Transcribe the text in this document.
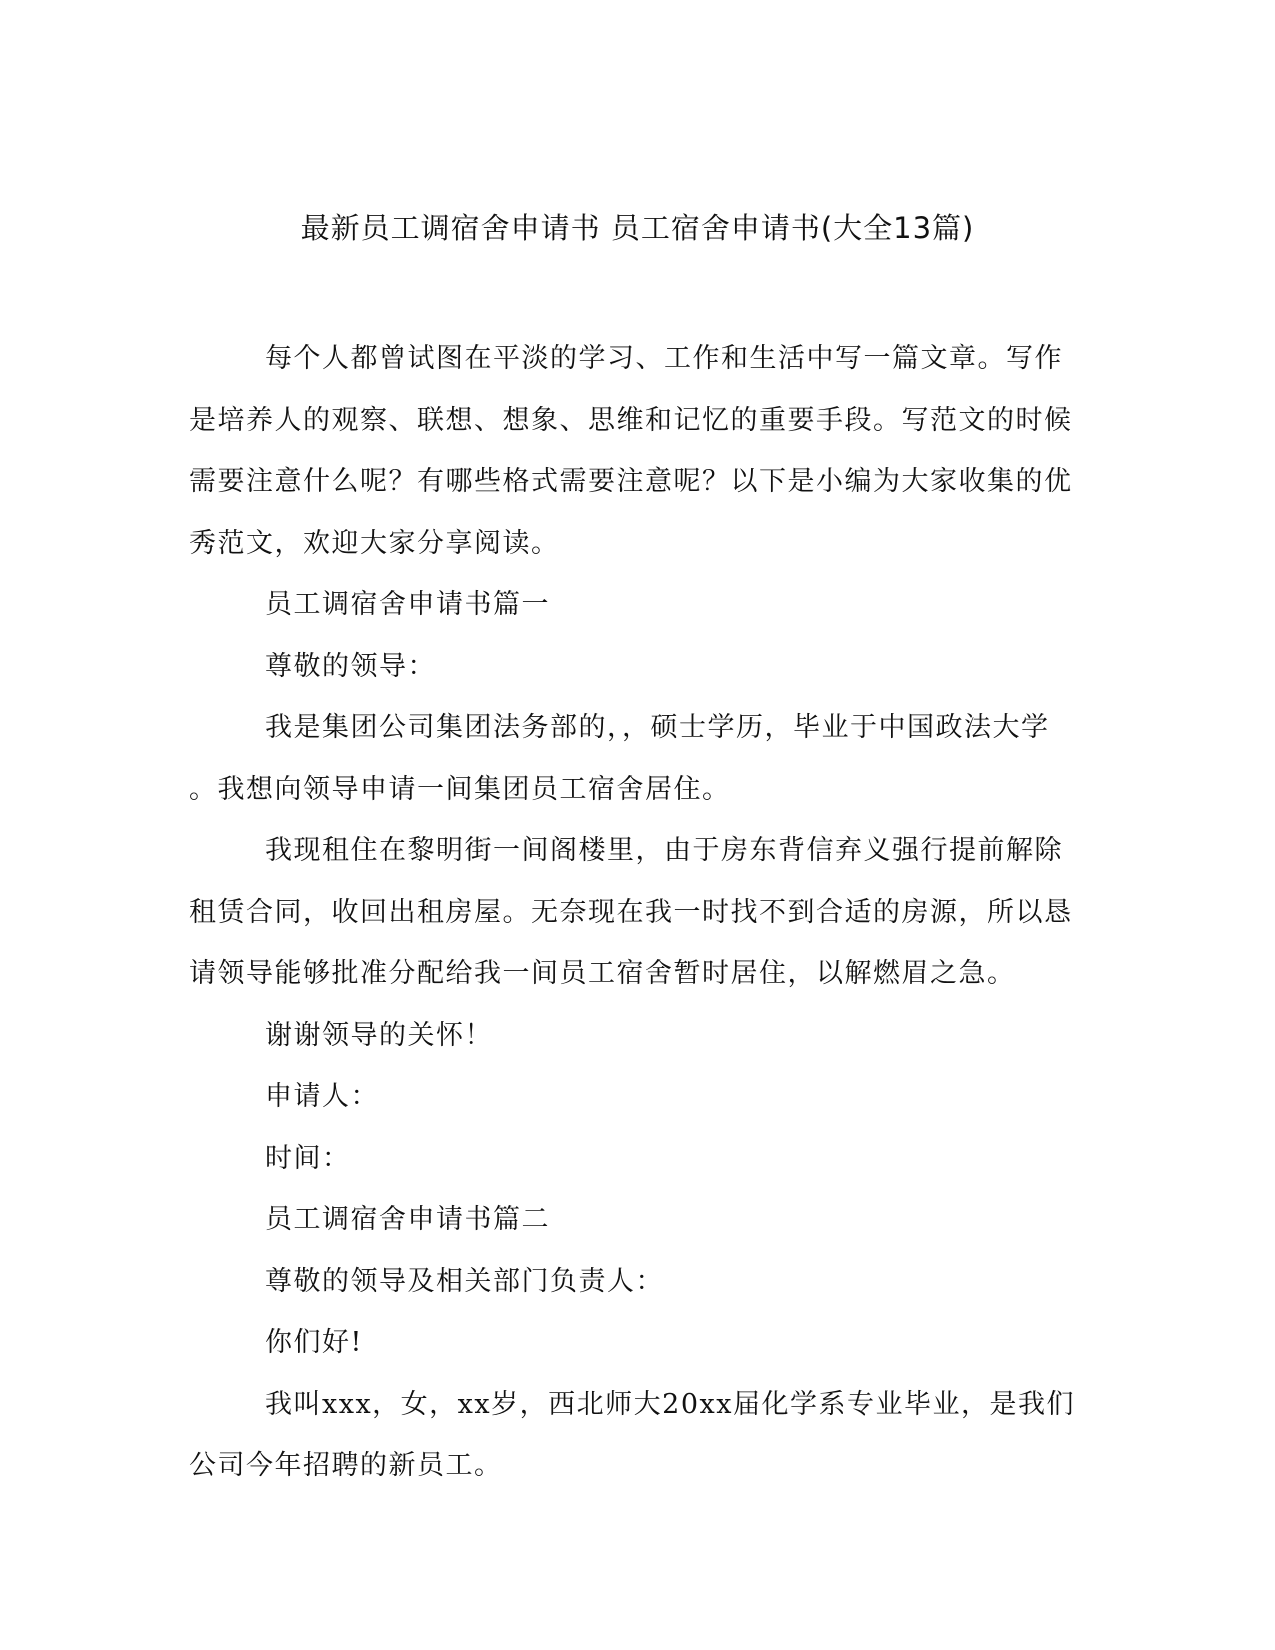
最新员工调宿舍申请书 员工宿舍申请书(大全13篇)

每个人都曾试图在平淡的学习、工作和生活中写一篇文章。写作是培养人的观察、联想、想象、思维和记忆的重要手段。写范文的时候需要注意什么呢？有哪些格式需要注意呢？以下是小编为大家收集的优秀范文，欢迎大家分享阅读。

员工调宿舍申请书篇一

尊敬的领导：

我是集团公司集团法务部的，，硕士学历，毕业于中国政法大学

。我想向领导申请一间集团员工宿舍居住。

我现租住在黎明街一间阁楼里，由于房东背信弃义强行提前解除租赁合同，收回出租房屋。无奈现在我一时找不到合适的房源，所以恳请领导能够批准分配给我一间员工宿舍暂时居住，以解燃眉之急。

谢谢领导的关怀！

申请人：

时间：

员工调宿舍申请书篇二

尊敬的领导及相关部门负责人：

你们好!

我叫xxx，女，xx岁，西北师大20xx届化学系专业毕业，是我们公司今年招聘的新员工。
